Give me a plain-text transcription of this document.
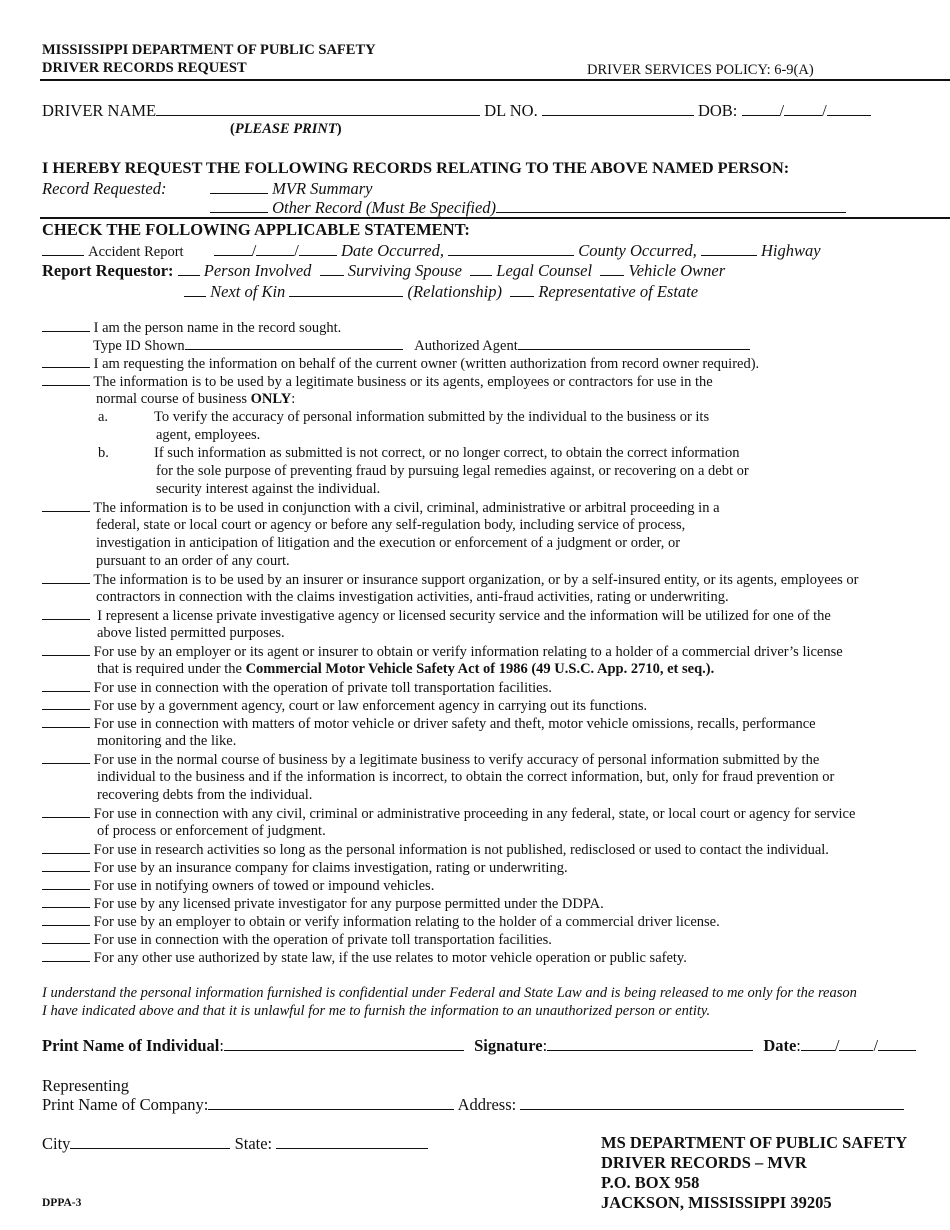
MISSISSIPPI DEPARTMENT OF PUBLIC SAFETY
DRIVER RECORDS REQUEST	DRIVER SERVICES POLICY: 6-9(A)
DRIVER NAME	DL NO.	DOB:	/ /
(PLEASE PRINT)
I HEREBY REQUEST THE FOLLOWING RECORDS RELATING TO THE ABOVE NAMED PERSON:
Record Requested:	MVR Summary
Other Record (Must Be Specified)
CHECK THE FOLLOWING APPLICABLE STATEMENT:
Accident Report	/ /	Date Occurred,	County Occurred,	Highway
Report Requestor: Person Involved Surviving Spouse Legal Counsel Vehicle Owner
Next of Kin	(Relationship) Representative of Estate
I am the person name in the record sought.
Type ID Shown	Authorized Agent
I am requesting the information on behalf of the current owner (written authorization from record owner required).
The information is to be used by a legitimate business or its agents, employees or contractors for use in the
normal course of business ONLY:
a.	To verify the accuracy of personal information submitted by the individual to the business or its
agent, employees.
b.	If such information as submitted is not correct, or no longer correct, to obtain the correct information
for the sole purpose of preventing fraud by pursuing legal remedies against, or recovering on a debt or
security interest against the individual.
The information is to be used in conjunction with a civil, criminal, administrative or arbitral proceeding in a
federal, state or local court or agency or before any self-regulation body, including service of process,
investigation in anticipation of litigation and the execution or enforcement of a judgment or order, or
pursuant to an order of any court.
The information is to be used by an insurer or insurance support organization, or by a self-insured entity, or its agents, employees or
contractors in connection with the claims investigation activities, anti-fraud activities, rating or underwriting.
I represent a license private investigative agency or licensed security service and the information will be utilized for one of the
above listed permitted purposes.
For use by an employer or its agent or insurer to obtain or verify information relating to a holder of a commercial driver’s license
that is required under the Commercial Motor Vehicle Safety Act of 1986 (49 U.S.C. App. 2710, et seq.).
For use in connection with the operation of private toll transportation facilities.
For use by a government agency, court or law enforcement agency in carrying out its functions.
For use in connection with matters of motor vehicle or driver safety and theft, motor vehicle omissions, recalls, performance
monitoring and the like.
For use in the normal course of business by a legitimate business to verify accuracy of personal information submitted by the
individual to the business and if the information is incorrect, to obtain the correct information, but, only for fraud prevention or
recovering debts from the individual.
For use in connection with any civil, criminal or administrative proceeding in any federal, state, or local court or agency for service
of process or enforcement of judgment.
For use in research activities so long as the personal information is not published, redisclosed or used to contact the individual.
For use by an insurance company for claims investigation, rating or underwriting.
For use in notifying owners of towed or impound vehicles.
For use by any licensed private investigator for any purpose permitted under the DDPA.
For use by an employer to obtain or verify information relating to the holder of a commercial driver license.
For use in connection with the operation of private toll transportation facilities.
For any other use authorized by state law, if the use relates to motor vehicle operation or public safety.
I understand the personal information furnished is confidential under Federal and State Law and is being released to me only for the reason
I have indicated above and that it is unlawful for me to furnish the information to an unauthorized person or entity.
Print Name of Individual:	Signature:	Date: / /
Representing
Print Name of Company:	Address:
City	State:	MS DEPARTMENT OF PUBLIC SAFETY
DRIVER RECORDS – MVR
P.O. BOX 958
JACKSON, MISSISSIPPI 39205
DPPA-3
